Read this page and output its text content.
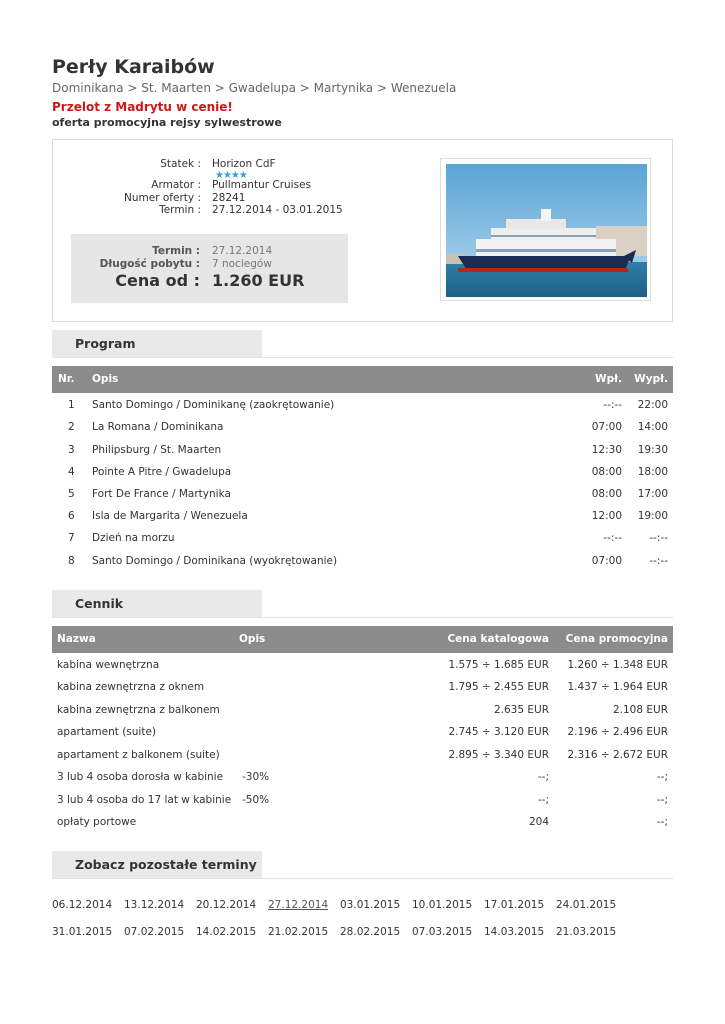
Perły Karaibów
Dominikana > St. Maarten > Gwadelupa > Martynika > Wenezuela
Przelot z Madrytu w cenie!
oferta promocyjna rejsy sylwestrowe
Statek : Horizon CdF
★★★★
Armator : Pullmantur Cruises
Numer oferty : 28241
Termin : 27.12.2014 - 03.01.2015
Termin : 27.12.2014
Długość pobytu : 7 noclegów
Cena od : 1.260 EUR
Program
Nr. Opis	Wpł. Wypł.
1 Santo Domingo / Dominikanę (zaokrętowanie)	--:-- 22:00
2 La Romana / Dominikana	07:00 14:00
3 Philipsburg / St. Maarten	12:30 19:30
4 Pointe A Pitre / Gwadelupa	08:00 18:00
5 Fort De France / Martynika	08:00 17:00
6 Isla de Margarita / Wenezuela	12:00 19:00
7 Dzień na morzu	--:--	--:--
8 Santo Domingo / Dominikana (wyokrętowanie)	07:00	--:--
Cennik
Nazwa	Opis	Cena katalogowa Cena promocyjna
kabina wewnętrzna	1.575 ÷ 1.685 EUR 1.260 ÷ 1.348 EUR
kabina zewnętrzna z oknem	1.795 ÷ 2.455 EUR 1.437 ÷ 1.964 EUR
kabina zewnętrzna z balkonem	2.635 EUR	2.108 EUR
apartament (suite)	2.745 ÷ 3.120 EUR 2.196 ÷ 2.496 EUR
apartament z balkonem (suite)	2.895 ÷ 3.340 EUR 2.316 ÷ 2.672 EUR
3 lub 4 osoba dorosła w kabinie -30%	--;	--;
3 lub 4 osoba do 17 lat w kabinie -50%	--;	--;
opłaty portowe	204	--;
Zobacz pozostałe terminy
06.12.2014 13.12.2014 20.12.2014 27.12.2014 03.01.2015 10.01.2015 17.01.2015 24.01.2015
31.01.2015 07.02.2015 14.02.2015 21.02.2015 28.02.2015 07.03.2015 14.03.2015 21.03.2015
